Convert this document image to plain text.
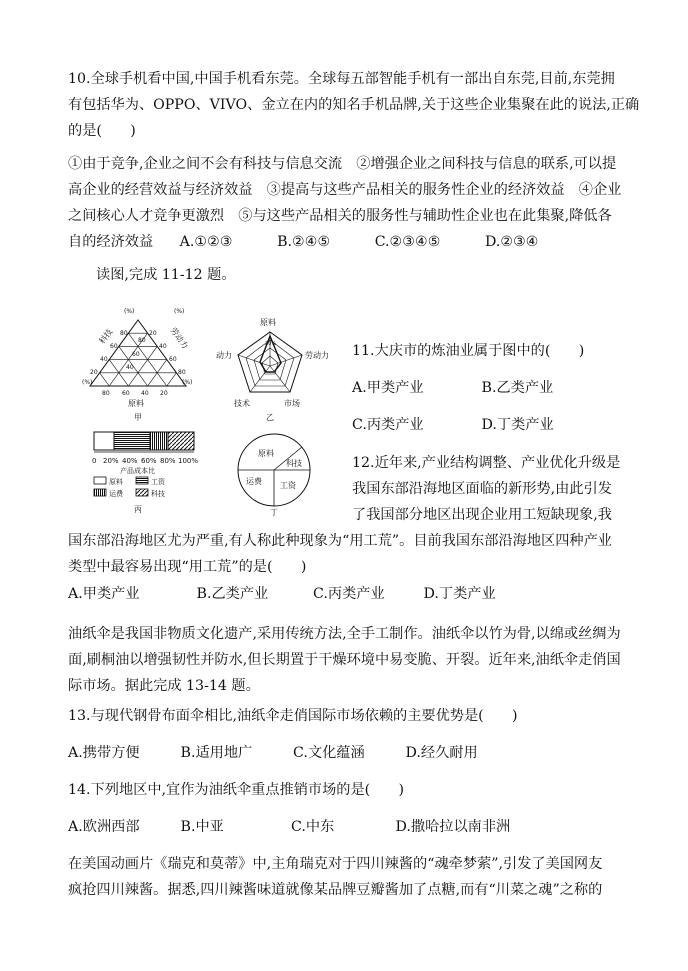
10.全球手机看中国,中国手机看东莞。全球每五部智能手机有一部出自东莞,目前,东莞拥
有包括华为、OPPO、VIVO、金立在内的知名手机品牌,关于这些企业集聚在此的说法,正确
的是(　　)
①由于竞争,企业之间不会有科技与信息交流　②增强企业之间科技与信息的联系,可以提
高企业的经营效益与经济效益　③提高与这些产品相关的服务性企业的经济效益　④企业
之间核心人才竞争更激烈　⑤与这些产品相关的服务性与辅助性企业也在此集聚,降低各
自的经济效益 A.①②③	B.②④⑤	C.②③④⑤	D.②③④
读图,完成 11-12 题。
(%)	(%)
(%)	(%)
科技	劳动力
80
60
40
20
20
40
60
80
80
60
40
80 60 40 20
原料
甲
原料
20%
动力	劳动力
技术	市场
乙
0 20% 40% 60% 80% 100%
产品成本比
原料	工资
运费	科技
丙
原料
科技
工资
运费
丁
11.大庆市的炼油业属于图中的(　　)
A.甲类产业	B.乙类产业
C.丙类产业	D.丁类产业
12.近年来,产业结构调整、产业优化升级是
我国东部沿海地区面临的新形势,由此引发
了我国部分地区出现企业用工短缺现象,我
国东部沿海地区尤为严重,有人称此种现象为“用工荒”。目前我国东部沿海地区四种产业
类型中最容易出现“用工荒”的是(　　)
A.甲类产业	B.乙类产业	C.丙类产业	D.丁类产业
油纸伞是我国非物质文化遗产,采用传统方法,全手工制作。油纸伞以竹为骨,以绵或丝绸为
面,刷桐油以增强韧性并防水,但长期置于干燥环境中易变脆、开裂。近年来,油纸伞走俏国
际市场。据此完成 13-14 题。
13.与现代钢骨布面伞相比,油纸伞走俏国际市场依赖的主要优势是(　　)
A.携带方便	B.适用地广	C.文化蕴涵	D.经久耐用
14.下列地区中,宜作为油纸伞重点推销市场的是(　　)
A.欧洲西部	B.中亚	C.中东	D.撒哈拉以南非洲
在美国动画片《瑞克和莫蒂》中,主角瑞克对于四川辣酱的“魂牵梦萦”,引发了美国网友
疯抢四川辣酱。据悉,四川辣酱味道就像某品牌豆瓣酱加了点糖,而有“川菜之魂”之称的
